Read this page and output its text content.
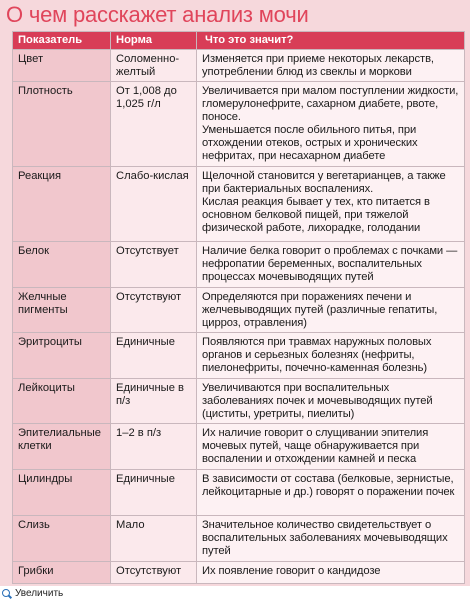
О чем расскажет анализ мочи
Показатель	Норма	Что это значит?
Цвет	Соломенно-желтый	Изменяется при приеме некоторых лекарств, употреблении блюд из свеклы и моркови

Плотность	От 1,008 до 1,025 г/л	Увеличивается при малом поступлении жидкости, гломерулонефрите, сахарном диабете, рвоте, поносе.
Уменьшается после обильного питья, при отхождении отеков, острых и хронических нефритах, при несахарном диабете

Реакция	Слабо-кислая	Щелочной становится у вегетарианцев, а также при бактериальных воспалениях.
Кислая реакция бывает у тех, кто питается в основном белковой пищей, при тяжелой физической работе, лихорадке, голодании

Белок	Отсутствует	Наличие белка говорит о проблемах с почками — нефропатии беременных, воспалительных процессах мочевыводящих путей

Желчные пигменты	Отсутствуют	Определяются при поражениях печени и желчевыводящих путей (различные гепатиты, цирроз, отравления)

Эритроциты	Единичные	Появляются при травмах наружных половых органов и серьезных болезнях (нефриты, пиелонефриты, почечно-каменная болезнь)

Лейкоциты	Единичные в п/з	Увеличиваются при воспалительных заболеваниях почек и мочевыводящих путей (циститы, уретриты, пиелиты)

Эпителиальные клетки	1–2 в п/з	Их наличие говорит о слущивании эпителия мочевых путей, чаще обнаруживается при воспалении и отхождении камней и песка

Цилиндры	Единичные	В зависимости от состава (белковые, зернистые, лейкоцитарные и др.) говорят о поражении почек

Слизь	Мало	Значительное количество свидетельствует о воспалительных заболеваниях мочевыводящих путей

Грибки	Отсутствуют	Их появление говорит о кандидозе
Увеличить
